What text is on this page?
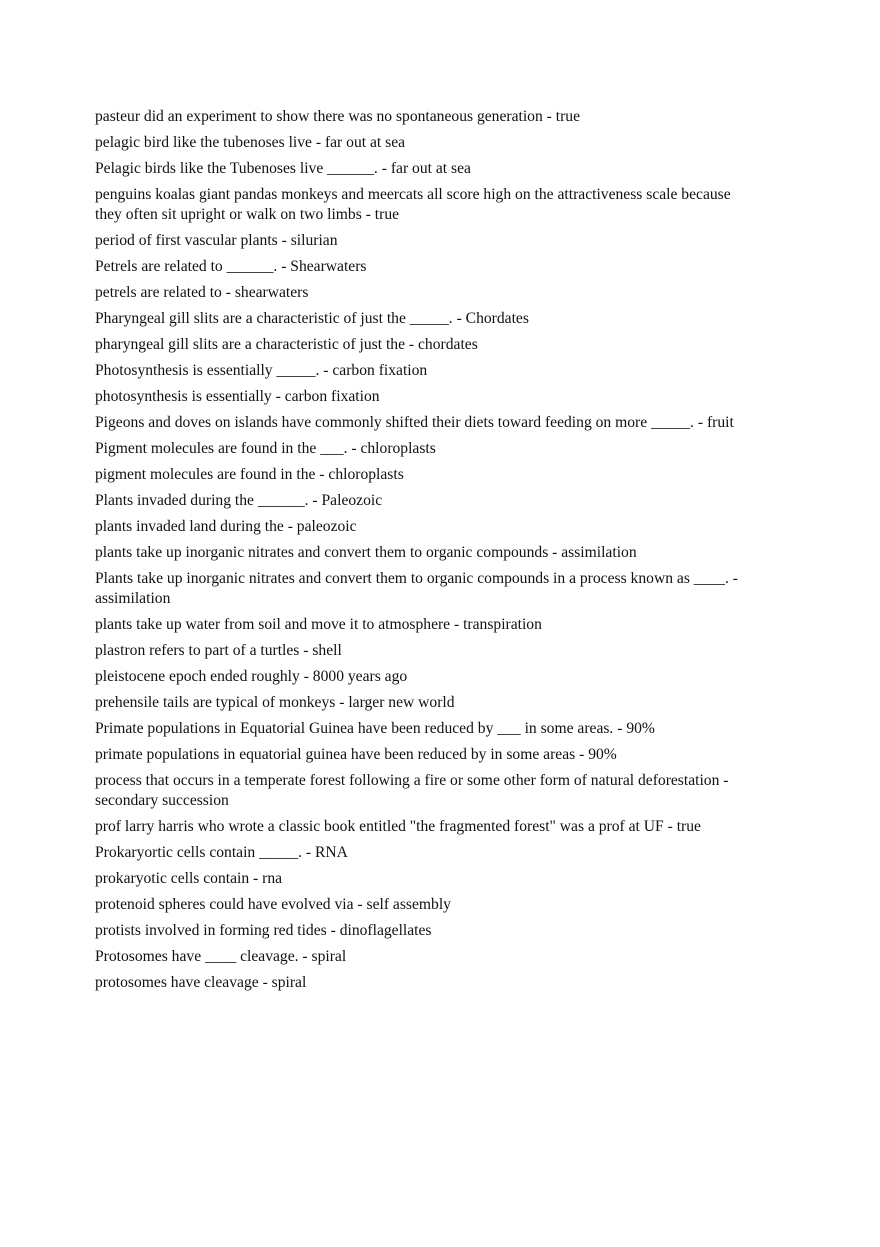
pasteur did an experiment to show there was no spontaneous generation - true

pelagic bird like the tubenoses live - far out at sea

Pelagic birds like the Tubenoses live ______. - far out at sea

penguins koalas giant pandas monkeys and meercats all score high on the attractiveness scale because they often sit upright or walk on two limbs - true

period of first vascular plants - silurian

Petrels are related to ______. - Shearwaters

petrels are related to - shearwaters

Pharyngeal gill slits are a characteristic of just the _____. - Chordates

pharyngeal gill slits are a characteristic of just the - chordates

Photosynthesis is essentially _____. - carbon fixation

photosynthesis is essentially - carbon fixation

Pigeons and doves on islands have commonly shifted their diets toward feeding on more _____. - fruit

Pigment molecules are found in the ___. - chloroplasts

pigment molecules are found in the - chloroplasts

Plants invaded during the ______. - Paleozoic

plants invaded land during the - paleozoic

plants take up inorganic nitrates and convert them to organic compounds - assimilation

Plants take up inorganic nitrates and convert them to organic compounds in a process known as ____. - assimilation

plants take up water from soil and move it to atmosphere - transpiration

plastron refers to part of a turtles - shell

pleistocene epoch ended roughly - 8000 years ago

prehensile tails are typical of monkeys - larger new world

Primate populations in Equatorial Guinea have been reduced by ___ in some areas. - 90%

primate populations in equatorial guinea have been reduced by in some areas - 90%

process that occurs in a temperate forest following a fire or some other form of natural deforestation - secondary succession

prof larry harris who wrote a classic book entitled "the fragmented forest" was a prof at UF - true

Prokaryortic cells contain _____. - RNA

prokaryotic cells contain - rna

protenoid spheres could have evolved via - self assembly

protists involved in forming red tides - dinoflagellates

Protosomes have ____ cleavage. - spiral

protosomes have cleavage - spiral
